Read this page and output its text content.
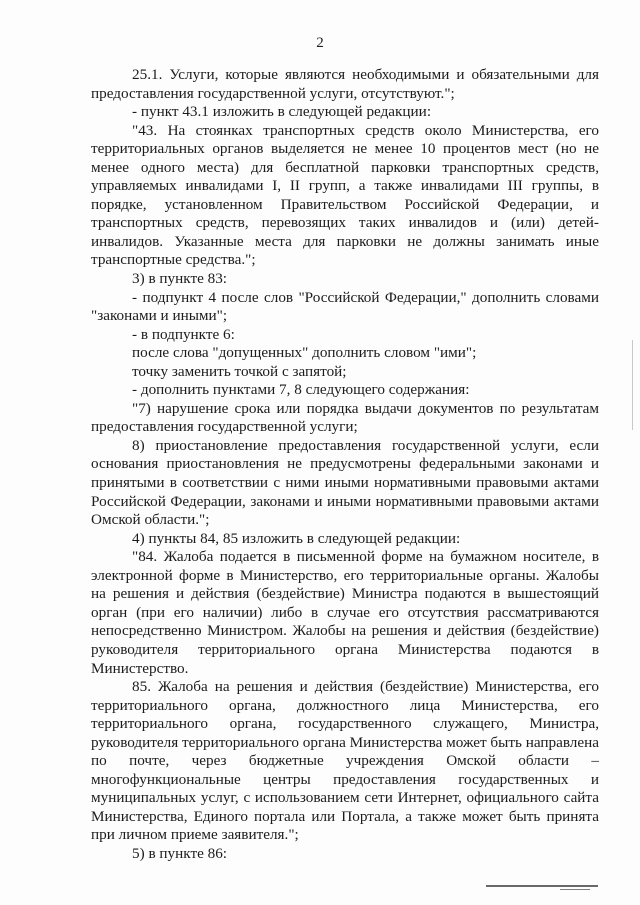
2

25.1. Услуги, которые являются необходимыми и обязательными для предоставления государственной услуги, отсутствуют.";

- пункт 43.1 изложить в следующей редакции:

"43. На стоянках транспортных средств около Министерства, его территориальных органов выделяется не менее 10 процентов мест (но не менее одного места) для бесплатной парковки транспортных средств, управляемых инвалидами I, II групп, а также инвалидами III группы, в порядке, установленном Правительством Российской Федерации, и транспортных средств, перевозящих таких инвалидов и (или) детей-инвалидов. Указанные места для парковки не должны занимать иные транспортные средства.";

3) в пункте 83:

- подпункт 4 после слов "Российской Федерации," дополнить словами "законами и иными";

- в подпункте 6:

после слова "допущенных" дополнить словом "ими";

точку заменить точкой с запятой;

- дополнить пунктами 7, 8 следующего содержания:

"7) нарушение срока или порядка выдачи документов по результатам предоставления государственной услуги;

8) приостановление предоставления государственной услуги, если основания приостановления не предусмотрены федеральными законами и принятыми в соответствии с ними иными нормативными правовыми актами Российской Федерации, законами и иными нормативными правовыми актами Омской области.";

4) пункты 84, 85 изложить в следующей редакции:

"84. Жалоба подается в письменной форме на бумажном носителе, в электронной форме в Министерство, его территориальные органы. Жалобы на решения и действия (бездействие) Министра подаются в вышестоящий орган (при его наличии) либо в случае его отсутствия рассматриваются непосредственно Министром. Жалобы на решения и действия (бездействие) руководителя территориального органа Министерства подаются в Министерство.

85. Жалоба на решения и действия (бездействие) Министерства, его территориального органа, должностного лица Министерства, его территориального органа, государственного служащего, Министра, руководителя территориального органа Министерства может быть направлена по почте, через бюджетные учреждения Омской области – многофункциональные центры предоставления государственных и муниципальных услуг, с использованием сети Интернет, официального сайта Министерства, Единого портала или Портала, а также может быть принята при личном приеме заявителя.";

5) в пункте 86:
